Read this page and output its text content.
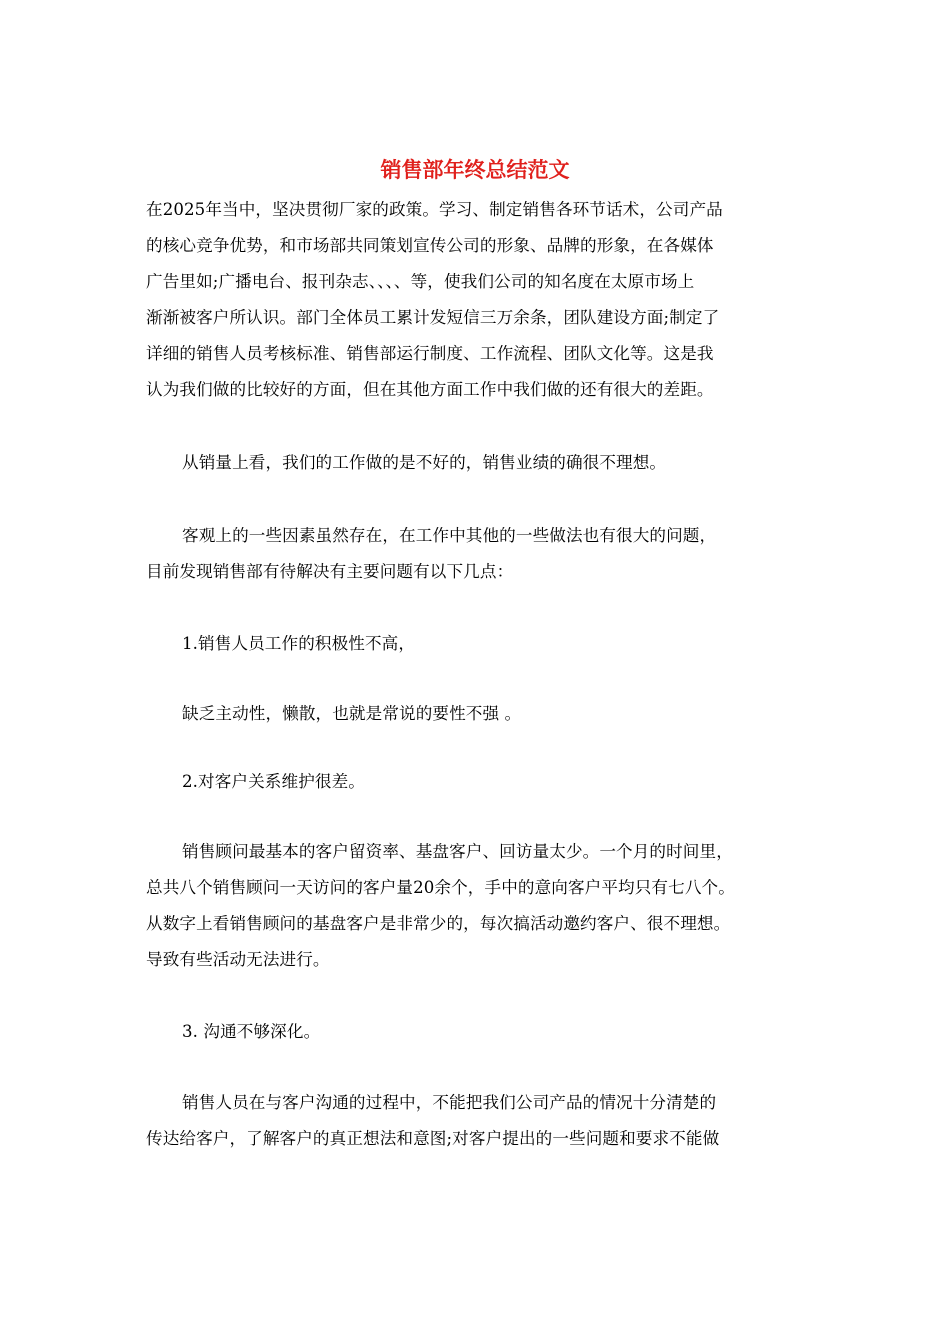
销售部年终总结范文
在2025年当中，坚决贯彻厂家的政策。学习、制定销售各环节话术，公司产品
的核心竞争优势，和市场部共同策划宣传公司的形象、品牌的形象，在各媒体
广告里如;广播电台、报刊杂志、、、、等，使我们公司的知名度在太原市场上
渐渐被客户所认识。部门全体员工累计发短信三万余条，团队建设方面;制定了
详细的销售人员考核标准、销售部运行制度、工作流程、团队文化等。这是我
认为我们做的比较好的方面，但在其他方面工作中我们做的还有很大的差距。
从销量上看，我们的工作做的是不好的，销售业绩的确很不理想。
客观上的一些因素虽然存在，在工作中其他的一些做法也有很大的问题，
目前发现销售部有待解决有主要问题有以下几点：
1.销售人员工作的积极性不高，
缺乏主动性，懒散，也就是常说的要性不强 。
2.对客户关系维护很差。
销售顾问最基本的客户留资率、基盘客户、回访量太少。一个月的时间里，
总共八个销售顾问一天访问的客户量20余个，手中的意向客户平均只有七八个。
从数字上看销售顾问的基盘客户是非常少的，每次搞活动邀约客户、很不理想。
导致有些活动无法进行。
3. 沟通不够深化。
销售人员在与客户沟通的过程中，不能把我们公司产品的情况十分清楚的
传达给客户，了解客户的真正想法和意图;对客户提出的一些问题和要求不能做
